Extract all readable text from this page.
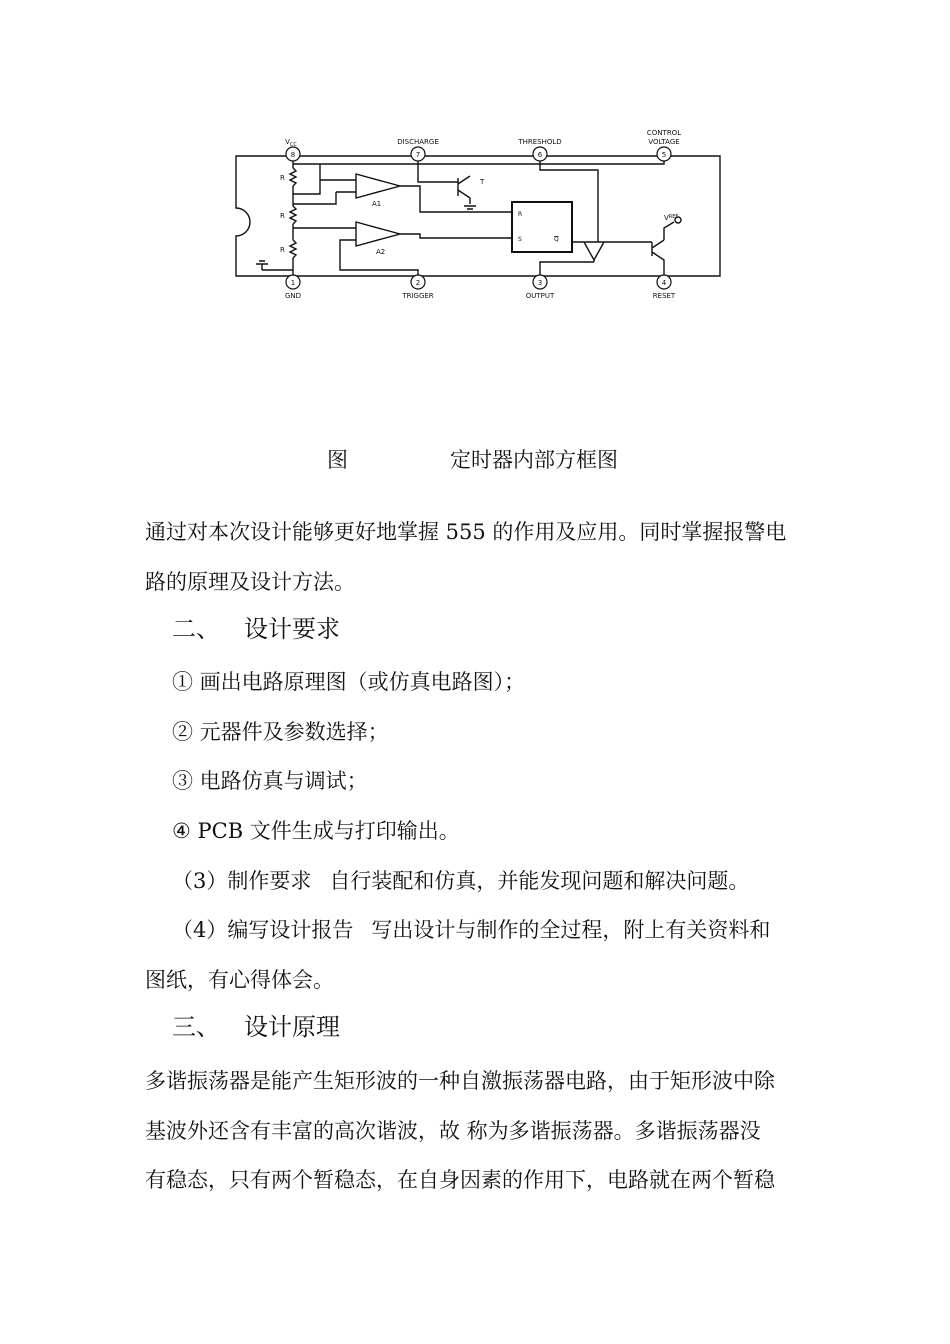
8	7	6	5
1	2	3	4
$V_{CC}$	DISCHARGE	THRESHOLD
CONTROL
VOLTAGE
GND	TRIGGER	OUTPUT	RESET
R
R
R
A1
A2
T
R
S	Q
$V^{REF}$
图	定时器内部方框图
通过对本次设计能够更好地掌握 555 的作用及应用。同时掌握报警电
路的原理及设计方法。
二、 设计要求
① 画出电路原理图（或仿真电路图）；
② 元器件及参数选择；
③ 电路仿真与调试；
④ PCB 文件生成与打印输出。
（3）制作要求 自行装配和仿真，并能发现问题和解决问题。
（4）编写设计报告 写出设计与制作的全过程，附上有关资料和
图纸，有心得体会。
三、 设计原理
多谐振荡器是能产生矩形波的一种自激振荡器电路，由于矩形波中除
基波外还含有丰富的高次谐波，故 称为多谐振荡器。多谐振荡器没
有稳态，只有两个暂稳态，在自身因素的作用下，电路就在两个暂稳
